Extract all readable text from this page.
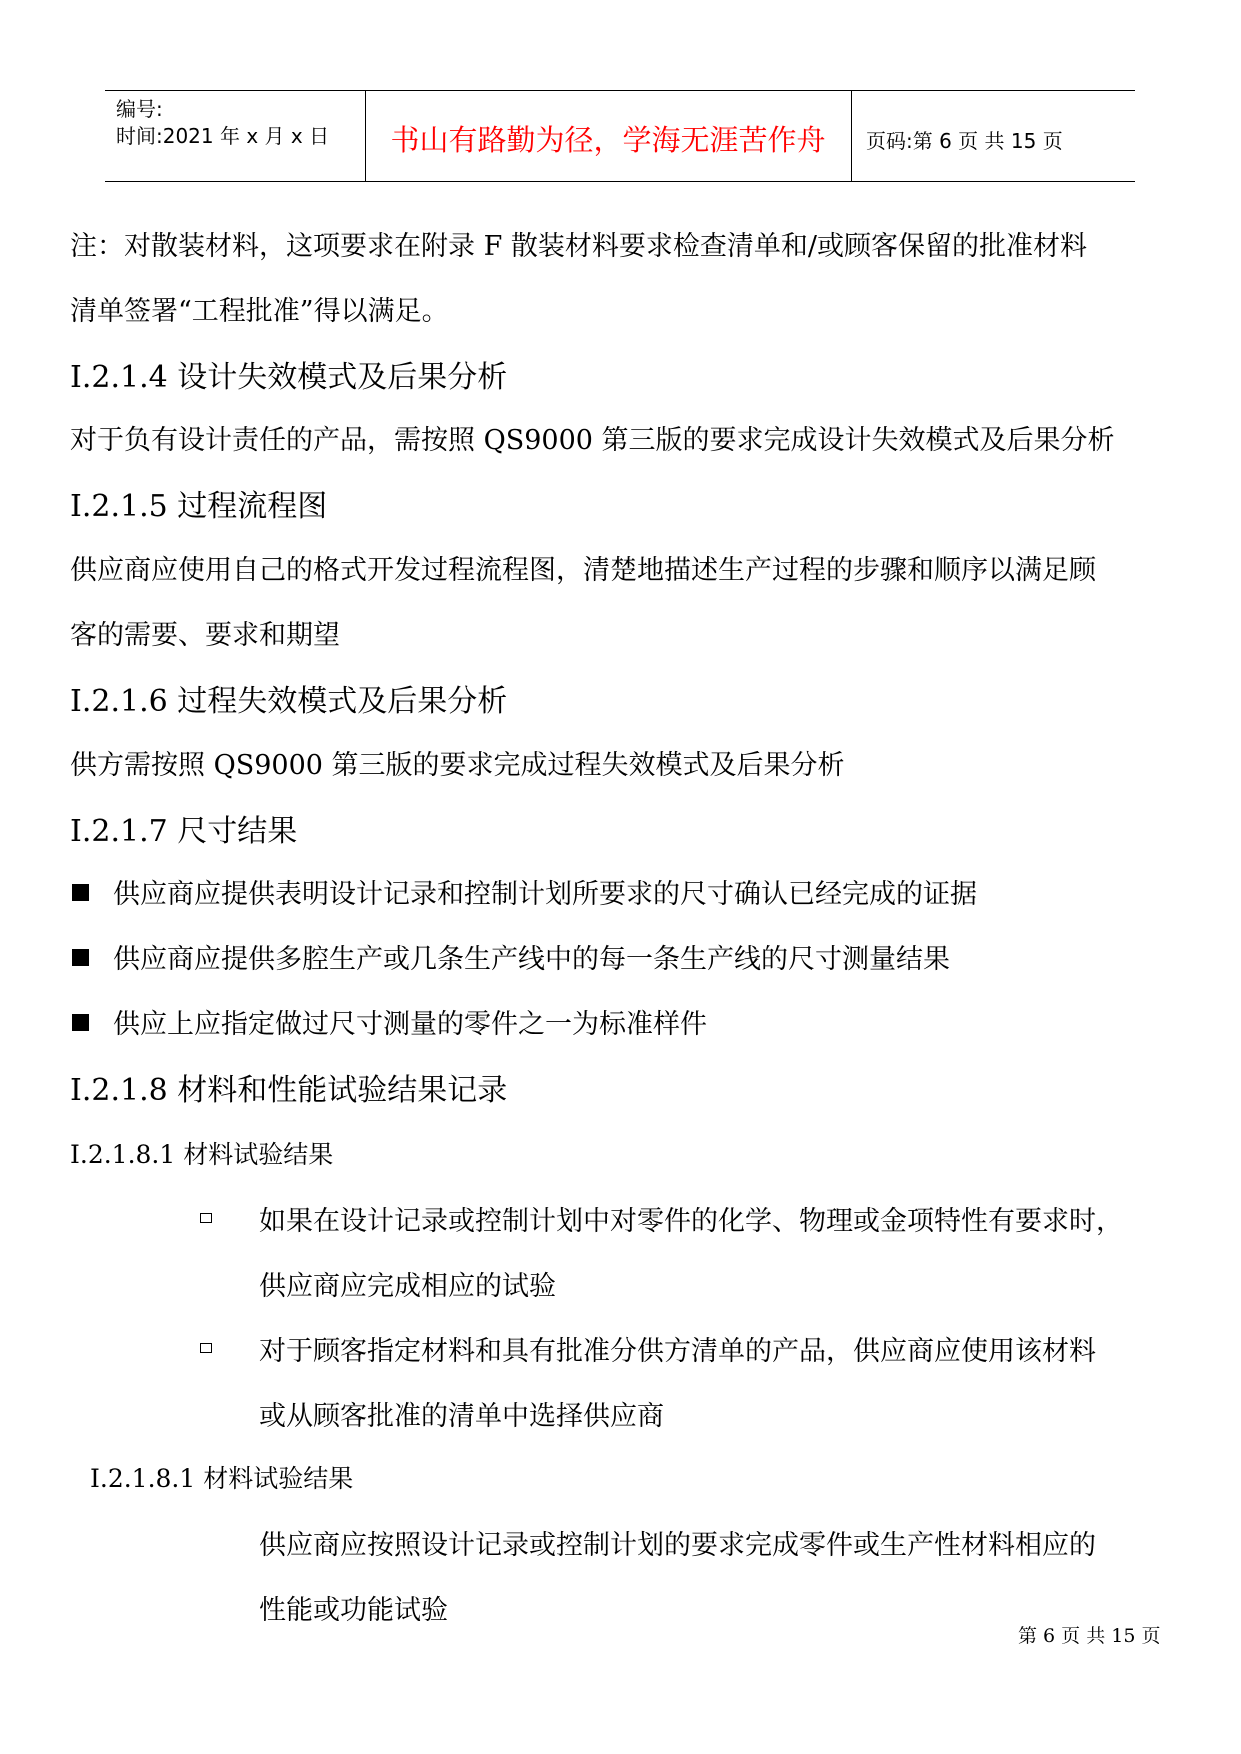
编号:
时间:2021 年 x 月 x 日	书山有路勤为径，学海无涯苦作舟	页码:第 6 页 共 15 页
注：对散装材料，这项要求在附录 F 散装材料要求检查清单和/或顾客保留的批准材料
清单签署“工程批准”得以满足。
Ⅰ.2.1.4 设计失效模式及后果分析
对于负有设计责任的产品，需按照 QS9000 第三版的要求完成设计失效模式及后果分析
Ⅰ.2.1.5 过程流程图
供应商应使用自己的格式开发过程流程图，清楚地描述生产过程的步骤和顺序以满足顾
客的需要、要求和期望
Ⅰ.2.1.6 过程失效模式及后果分析
供方需按照 QS9000 第三版的要求完成过程失效模式及后果分析
Ⅰ.2.1.7 尺寸结果
供应商应提供表明设计记录和控制计划所要求的尺寸确认已经完成的证据
供应商应提供多腔生产或几条生产线中的每一条生产线的尺寸测量结果
供应上应指定做过尺寸测量的零件之一为标准样件
Ⅰ.2.1.8 材料和性能试验结果记录
Ⅰ.2.1.8.1 材料试验结果
如果在设计记录或控制计划中对零件的化学、物理或金项特性有要求时，
供应商应完成相应的试验
对于顾客指定材料和具有批准分供方清单的产品，供应商应使用该材料
或从顾客批准的清单中选择供应商
Ⅰ.2.1.8.1 材料试验结果
供应商应按照设计记录或控制计划的要求完成零件或生产性材料相应的
性能或功能试验
第 6 页 共 15 页
